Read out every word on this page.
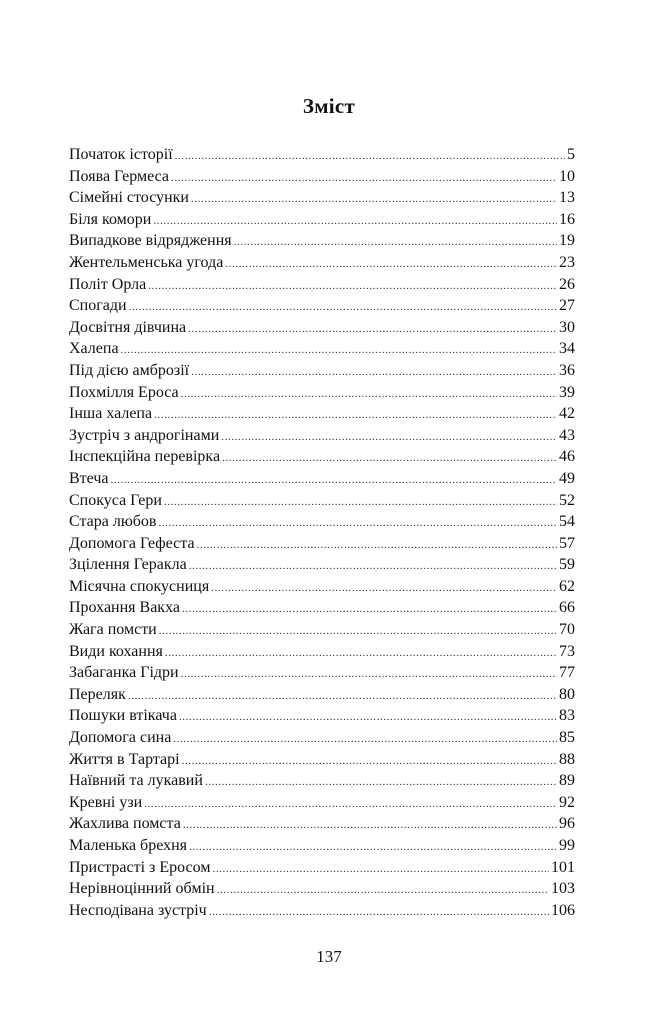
Зміст
Початок історії .....	5
Поява Гермеса .....	10
Сімейні стосунки .....	13
Біля комори .....	16
Випадкове відрядження .....	19
Жентельменська угода .....	23
Політ Орла .....	26
Спогади .....	27
Досвітня дівчина .....	30
Халепа .....	34
Під дією амброзії .....	36
Похмілля Ероса .....	39
Інша халепа .....	42
Зустріч з андрогінами .....	43
Інспекційна перевірка .....	46
Втеча .....	49
Спокуса Гери .....	52
Стара любов .....	54
Допомога Гефеста .....	57
Зцілення Геракла .....	59
Місячна спокусниця .....	62
Прохання Вакха .....	66
Жага помсти .....	70
Види кохання .....	73
Забаганка Гідри .....	77
Переляк .....	80
Пошуки втікача .....	83
Допомога сина .....	85
Життя в Тартарі .....	88
Наївний та лукавий .....	89
Кревні узи .....	92
Жахлива помста .....	96
Маленька брехня .....	99
Пристрасті з Еросом .....	101
Нерівноцінний обмін .....	103
Несподівана зустріч .....	106
137
